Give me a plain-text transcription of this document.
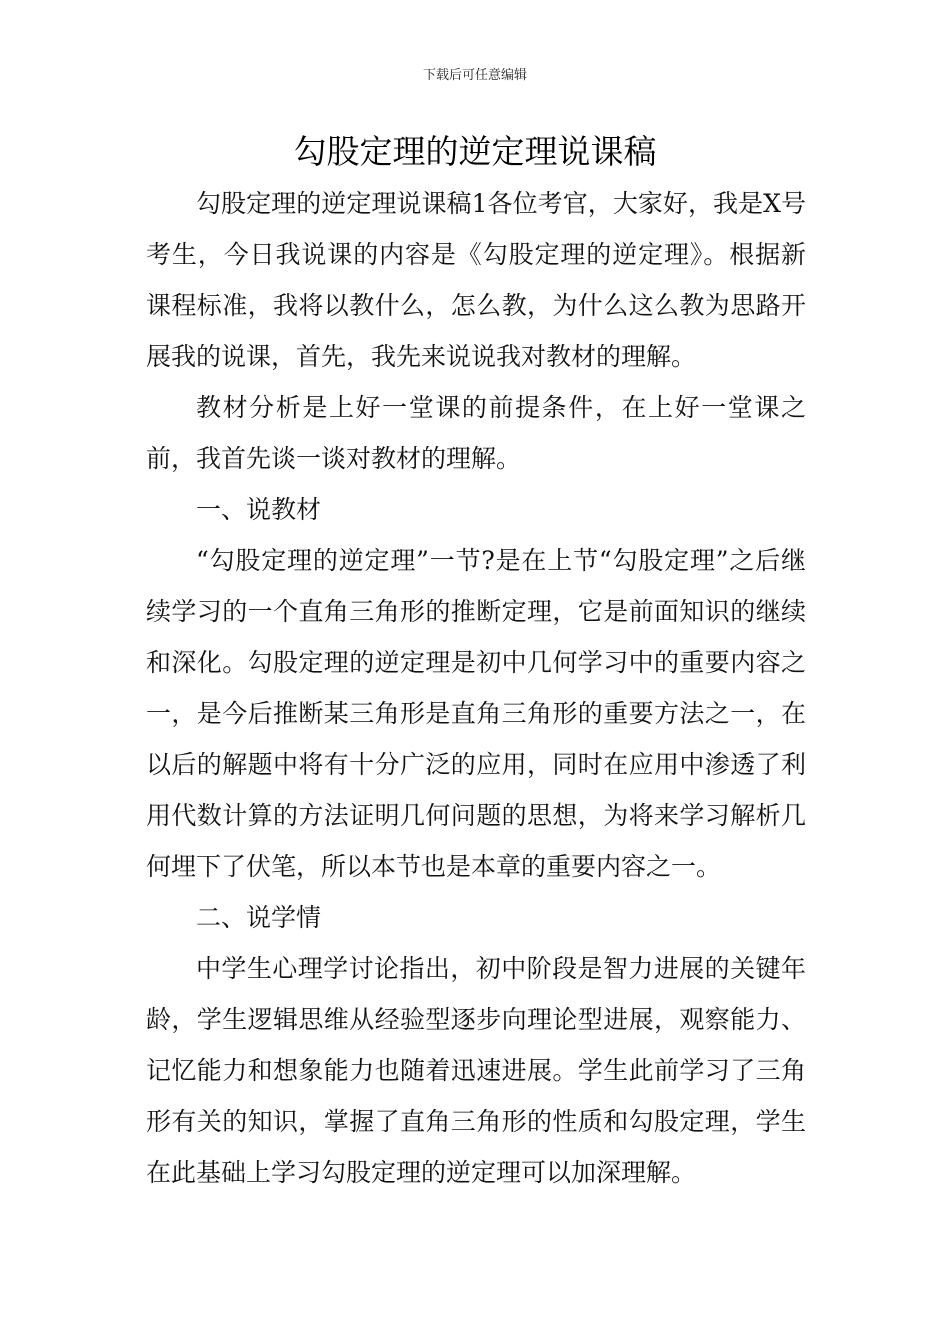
下载后可任意编辑
勾股定理的逆定理说课稿

勾股定理的逆定理说课稿1各位考官，大家好，我是X号考生，今日我说课的内容是《勾股定理的逆定理》。根据新课程标准，我将以教什么，怎么教，为什么这么教为思路开展我的说课，首先，我先来说说我对教材的理解。

教材分析是上好一堂课的前提条件，在上好一堂课之前，我首先谈一谈对教材的理解。

一、说教材

“勾股定理的逆定理”一节?是在上节“勾股定理”之后继续学习的一个直角三角形的推断定理，它是前面知识的继续和深化。勾股定理的逆定理是初中几何学习中的重要内容之一，是今后推断某三角形是直角三角形的重要方法之一，在以后的解题中将有十分广泛的应用，同时在应用中渗透了利用代数计算的方法证明几何问题的思想，为将来学习解析几何埋下了伏笔，所以本节也是本章的重要内容之一。

二、说学情

中学生心理学讨论指出，初中阶段是智力进展的关键年龄，学生逻辑思维从经验型逐步向理论型进展，观察能力、记忆能力和想象能力也随着迅速进展。学生此前学习了三角形有关的知识，掌握了直角三角形的性质和勾股定理，学生在此基础上学习勾股定理的逆定理可以加深理解。
